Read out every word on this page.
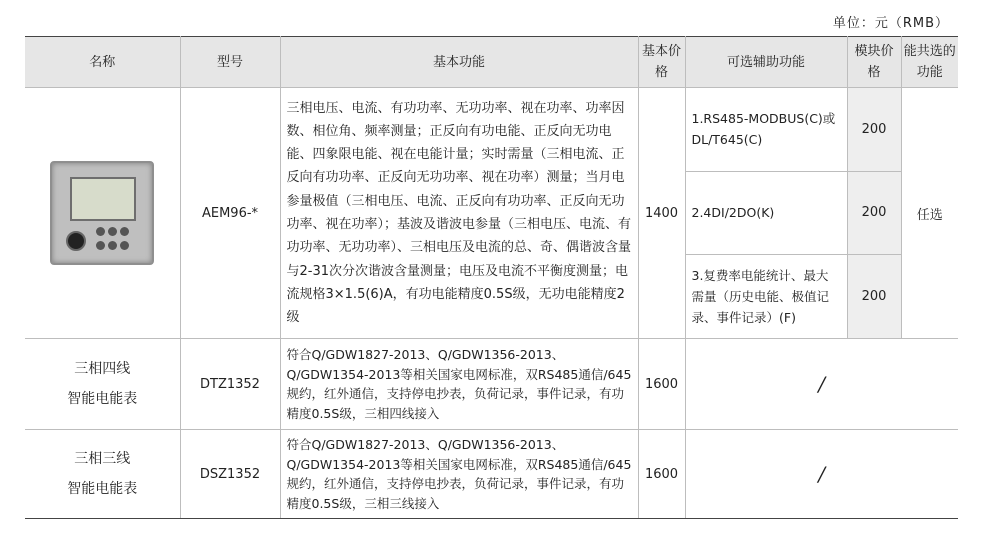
单位：元（RMB）
名称	型号	基本功能	基本价格	可选辅助功能	模块价格	能共选的功能

	AEM96-*	三相电压、电流、有功功率、无功功率、视在功率、功率因数、相位角、频率测量；正反向有功电能、正反向无功电能、四象限电能、视在电能计量；实时需量（三相电流、正反向有功功率、正反向无功功率、视在功率）测量；当月电参量极值（三相电压、电流、正反向有功功率、正反向无功功率、视在功率）；基波及谐波电参量（三相电压、电流、有功功率、无功功率）、三相电压及电流的总、奇、偶谐波含量与2-31次分次谐波含量测量；电压及电流不平衡度测量；电流规格3×1.5(6)A，有功电能精度0.5S级，无功电能精度2级	1400	1.RS485-MODBUS(C)或DL/T645(C)	200	任选
				2.4DI/2DO(K)	200	
				3.复费率电能统计、最大需量（历史电能、极值记录、事件记录）(F)	200	

三相四线
智能电能表	DTZ1352	符合Q/GDW1827-2013、Q/GDW1356-2013、Q/GDW1354-2013等相关国家电网标准，双RS485通信/645规约，红外通信，支持停电抄表，负荷记录，事件记录，有功精度0.5S级，三相四线接入	1600	/		

三相三线
智能电能表	DSZ1352	符合Q/GDW1827-2013、Q/GDW1356-2013、Q/GDW1354-2013等相关国家电网标准，双RS485通信/645规约，红外通信，支持停电抄表，负荷记录，事件记录，有功精度0.5S级，三相三线接入	1600	/		
